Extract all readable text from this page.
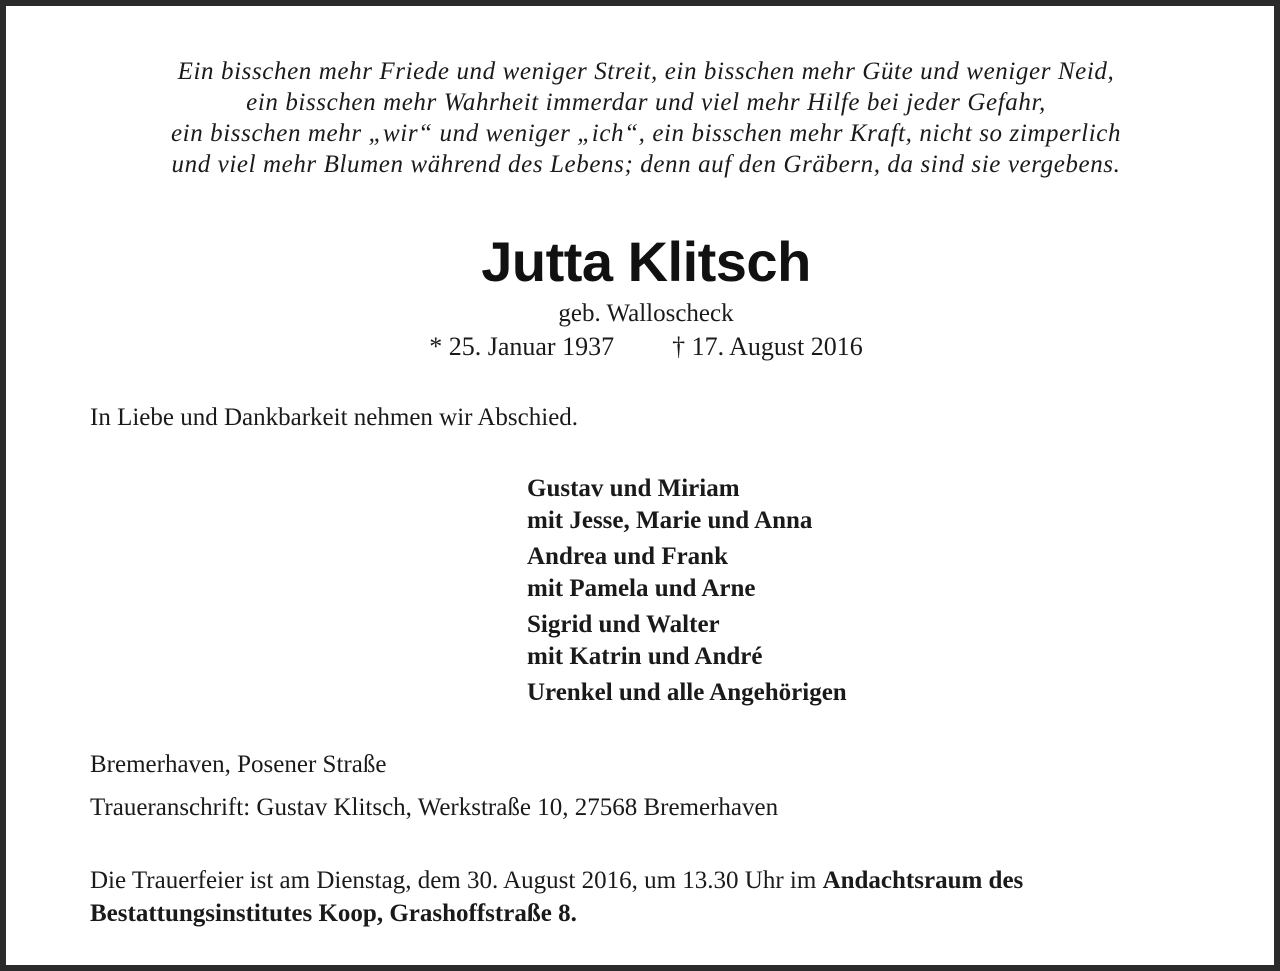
Ein bisschen mehr Friede und weniger Streit, ein bisschen mehr Güte und weniger Neid,
ein bisschen mehr Wahrheit immerdar und viel mehr Hilfe bei jeder Gefahr,
ein bisschen mehr „wir“ und weniger „ich“, ein bisschen mehr Kraft, nicht so zimperlich
und viel mehr Blumen während des Lebens; denn auf den Gräbern, da sind sie vergebens.
Jutta Klitsch
geb. Walloscheck
* 25. Januar 1937 † 17. August 2016
In Liebe und Dankbarkeit nehmen wir Abschied.
Gustav und Miriam
mit Jesse, Marie und Anna
Andrea und Frank
mit Pamela und Arne
Sigrid und Walter
mit Katrin und André
Urenkel und alle Angehörigen
Bremerhaven, Posener Straße
Traueranschrift: Gustav Klitsch, Werkstraße 10, 27568 Bremerhaven
Die Trauerfeier ist am Dienstag, dem 30. August 2016, um 13.30 Uhr im Andachtsraum des
Bestattungsinstitutes Koop, Grashoffstraße 8.
